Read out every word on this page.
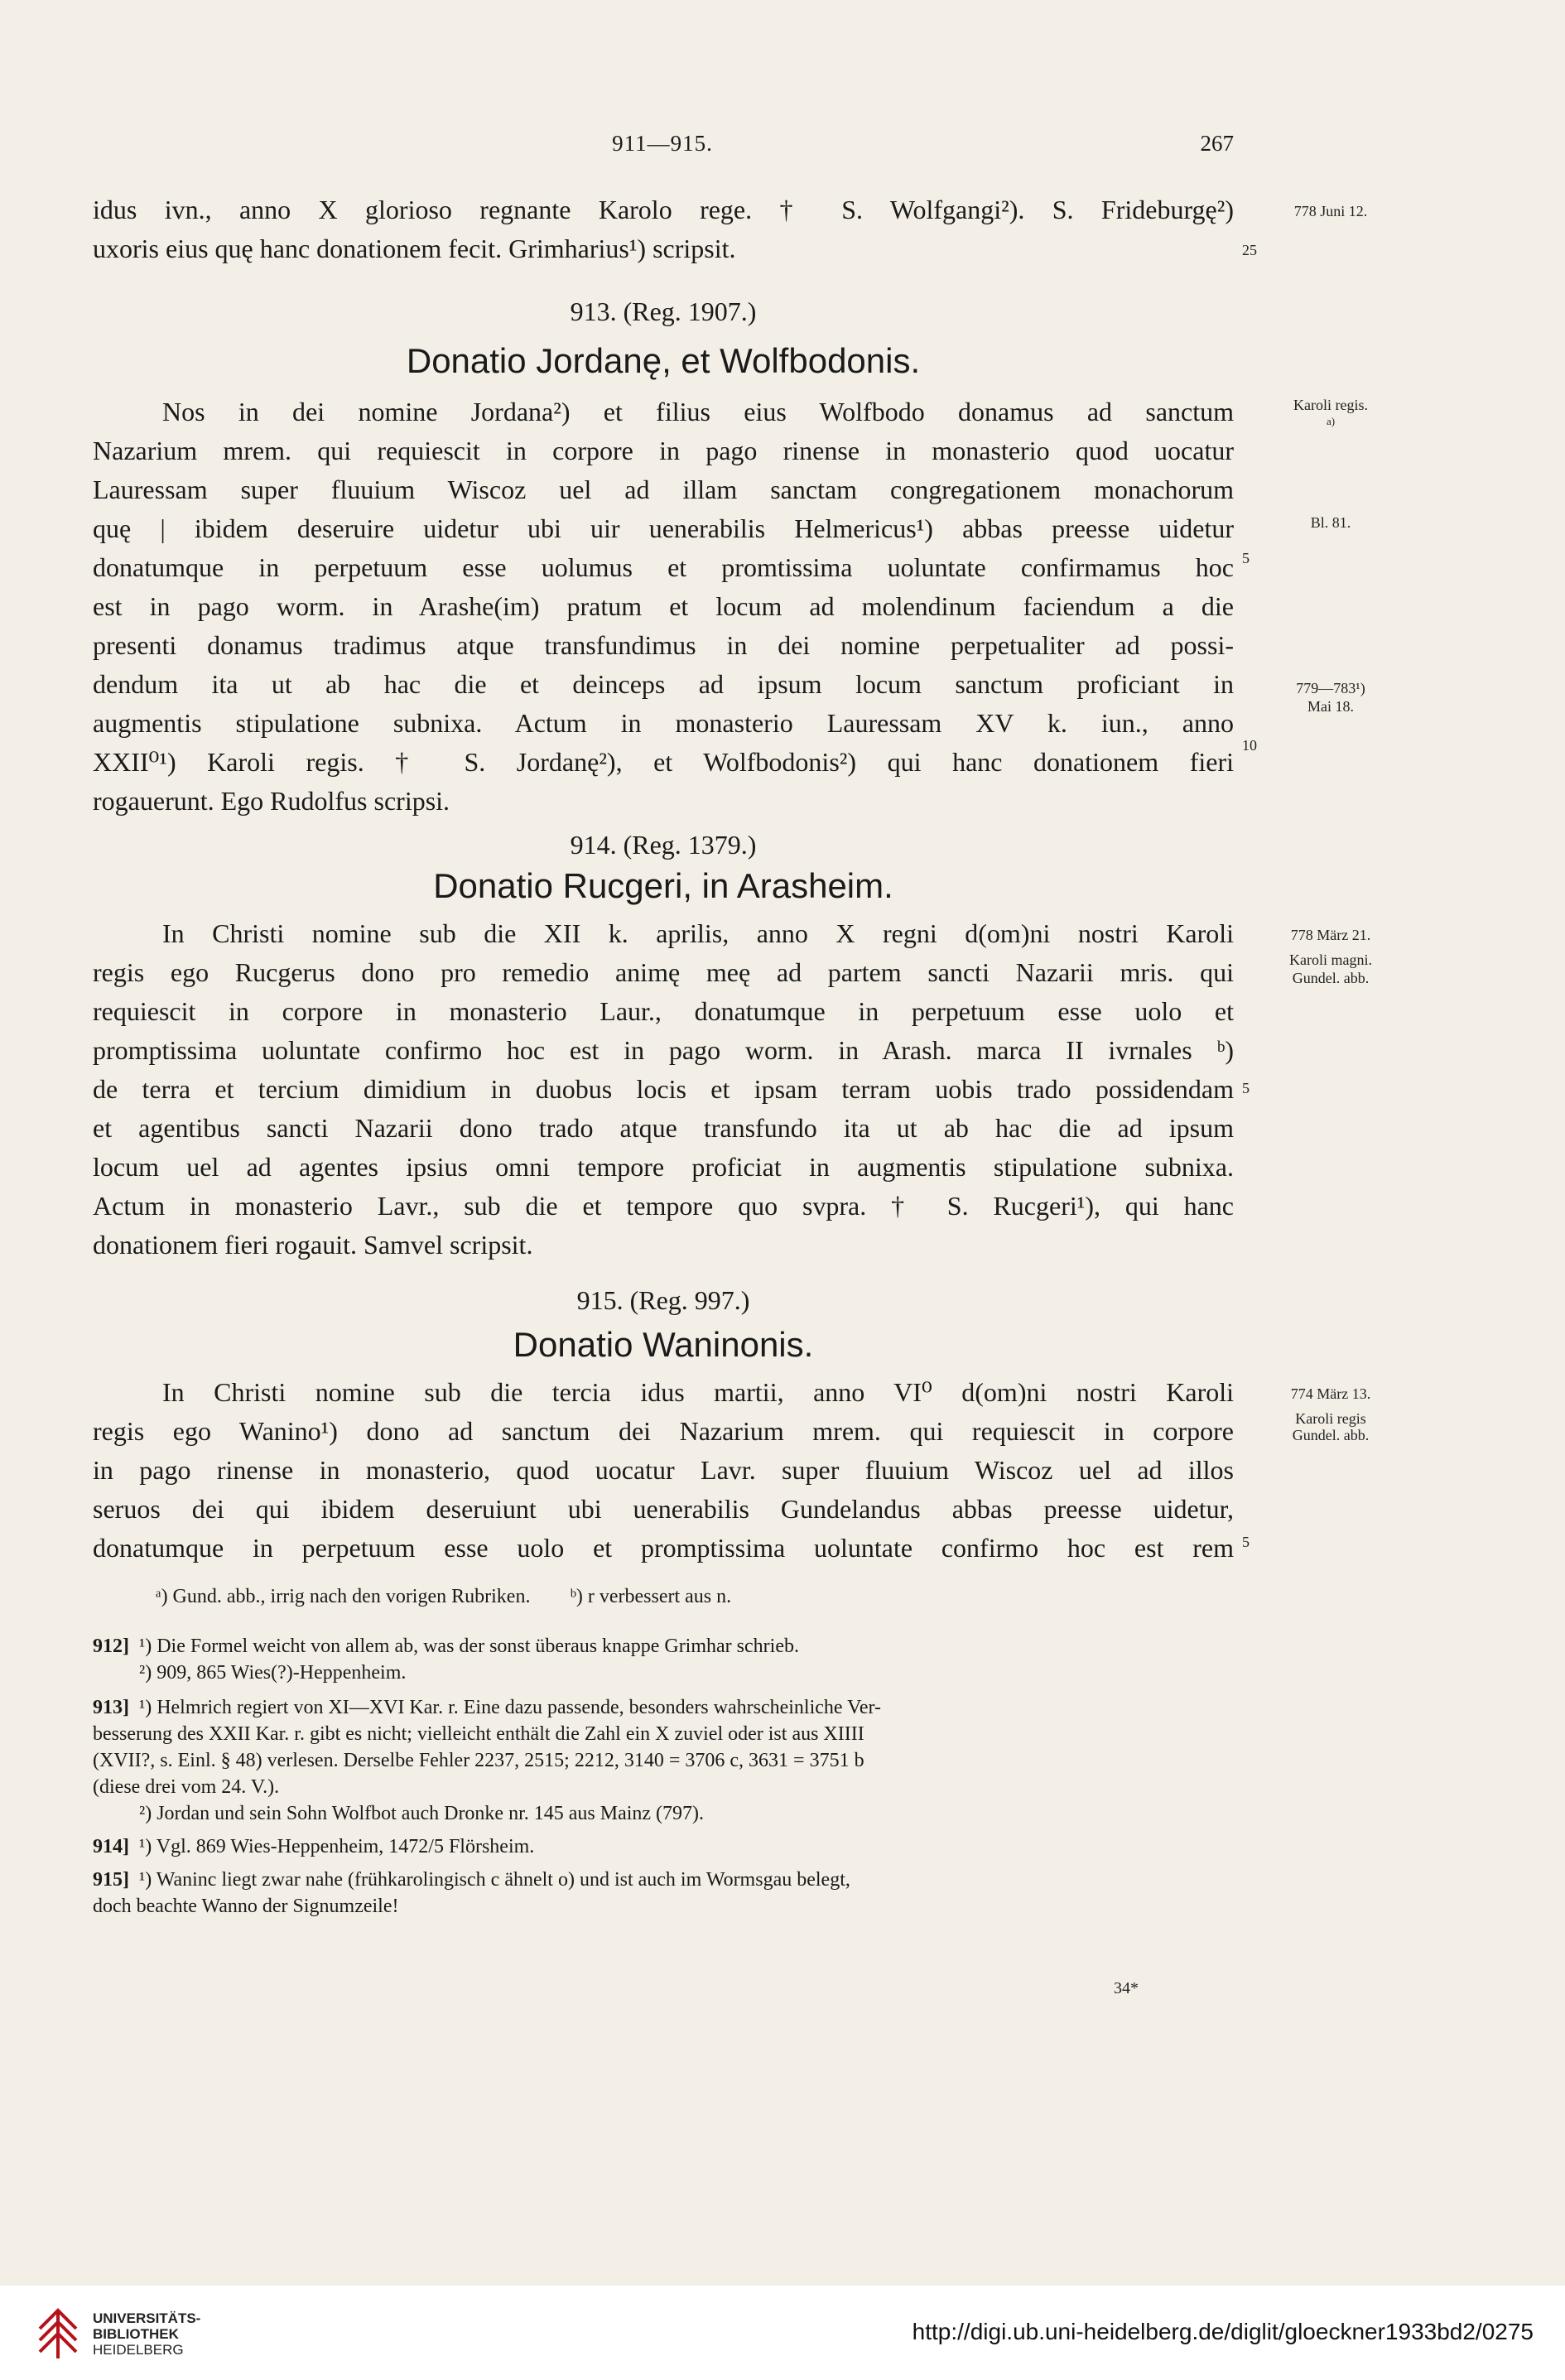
911—915.	267
idus ivn., anno X glorioso regnante Karolo rege. † S. Wolfgangi²). S. Frideburgę²)
uxoris eius quę hanc donationem fecit. Grimharius¹) scripsit.
778 Juni 12.
25
913. (Reg. 1907.)
Donatio Jordanę, et Wolfbodonis.
Nos in dei nomine Jordana²) et filius eius Wolfbodo donamus ad sanctum
Nazarium mrem. qui requiescit in corpore in pago rinense in monasterio quod uocatur
Lauressam super fluuium Wiscoz uel ad illam sanctam congregationem monachorum
quę | ibidem deseruire uidetur ubi uir uenerabilis Helmericus¹) abbas preesse uidetur
donatumque in perpetuum esse uolumus et promtissima uoluntate confirmamus hoc
est in pago worm. in Arashe(im) pratum et locum ad molendinum faciendum a die
presenti donamus tradimus atque transfundimus in dei nomine perpetualiter ad possi-
dendum ita ut ab hac die et deinceps ad ipsum locum sanctum proficiant in
augmentis stipulatione subnixa. Actum in monasterio Lauressam XV k. iun., anno
XXII⁰¹) Karoli regis. † S. Jordanę²), et Wolfbodonis²) qui hanc donationem fieri
rogauerunt. Ego Rudolfus scripsi.
Karoli regis.
a)
Bl. 81.
5
779—783¹)
Mai 18.
10
914. (Reg. 1379.)
Donatio Rucgeri, in Arasheim.
In Christi nomine sub die XII k. aprilis, anno X regni d(om)ni nostri Karoli
regis ego Rucgerus dono pro remedio animę meę ad partem sancti Nazarii mris. qui
requiescit in corpore in monasterio Laur., donatumque in perpetuum esse uolo et
promptissima uoluntate confirmo hoc est in pago worm. in Arash. marca II ivrnales ᵇ)
de terra et tercium dimidium in duobus locis et ipsam terram uobis trado possidendam
et agentibus sancti Nazarii dono trado atque transfundo ita ut ab hac die ad ipsum
locum uel ad agentes ipsius omni tempore proficiat in augmentis stipulatione subnixa.
Actum in monasterio Lavr., sub die et tempore quo svpra. † S. Rucgeri¹), qui hanc
donationem fieri rogauit. Samvel scripsit.
778 März 21.
Karoli magni.
Gundel. abb.
5
915. (Reg. 997.)
Donatio Waninonis.
In Christi nomine sub die tercia idus martii, anno VI⁰ d(om)ni nostri Karoli
regis ego Wanino¹) dono ad sanctum dei Nazarium mrem. qui requiescit in corpore
in pago rinense in monasterio, quod uocatur Lavr. super fluuium Wiscoz uel ad illos
seruos dei qui ibidem deseruiunt ubi uenerabilis Gundelandus abbas preesse uidetur,
donatumque in perpetuum esse uolo et promptissima uoluntate confirmo hoc est rem
774 März 13.
Karoli regis
Gundel. abb.
5
ᵃ) Gund. abb., irrig nach den vorigen Rubriken.        ᵇ) r verbessert aus n.
912] ¹) Die Formel weicht von allem ab, was der sonst überaus knappe Grimhar schrieb.
²) 909, 865 Wies(?)-Heppenheim.
913] ¹) Helmrich regiert von XI—XVI Kar. r. Eine dazu passende, besonders wahrscheinliche Ver-
besserung des XXII Kar. r. gibt es nicht; vielleicht enthält die Zahl ein X zuviel oder ist aus XIIII
(XVII?, s. Einl. § 48) verlesen. Derselbe Fehler 2237, 2515; 2212, 3140 = 3706 c, 3631 = 3751 b
(diese drei vom 24. V.).
²) Jordan und sein Sohn Wolfbot auch Dronke nr. 145 aus Mainz (797).
914] ¹) Vgl. 869 Wies-Heppenheim, 1472/5 Flörsheim.
915] ¹) Waninc liegt zwar nahe (frühkarolingisch c ähnelt o) und ist auch im Wormsgau belegt,
doch beachte Wanno der Signumzeile!
34*
UNIVERSITÄTS-
BIBLIOTHEK
HEIDELBERG
http://digi.ub.uni-heidelberg.de/diglit/gloeckner1933bd2/0275
